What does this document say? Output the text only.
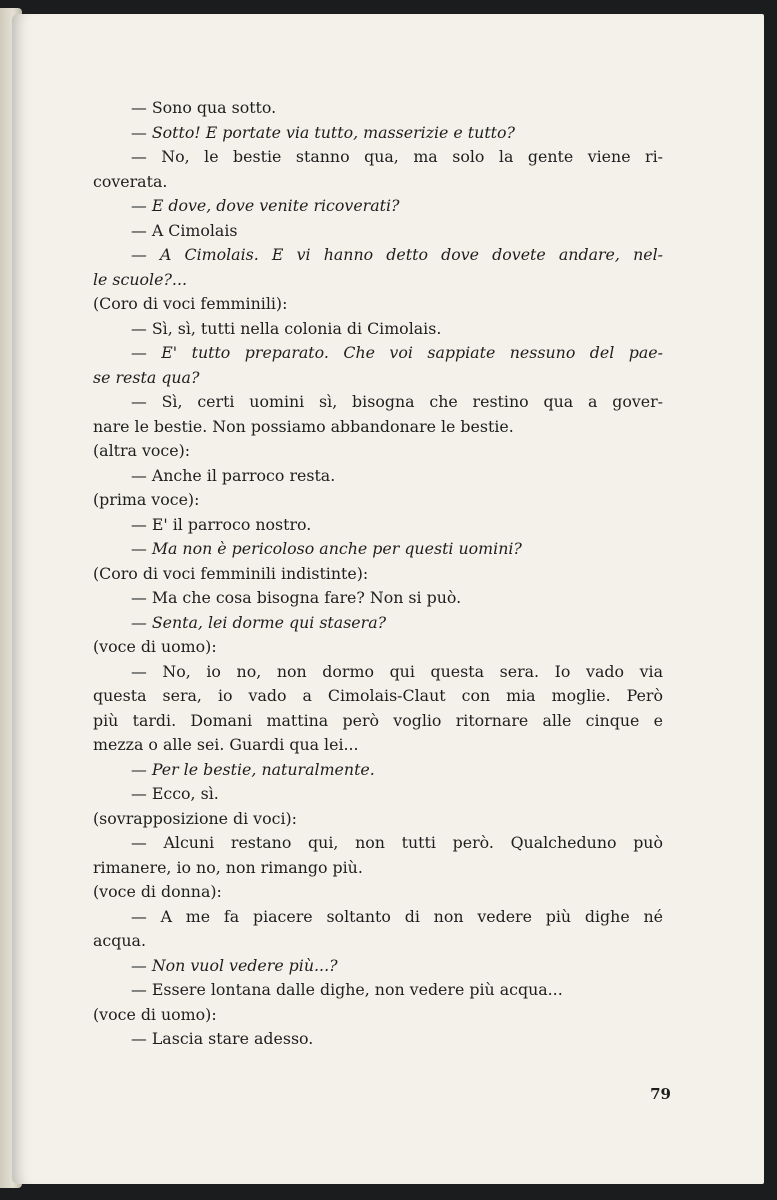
— Sono qua sotto.
— Sotto! E portate via tutto, masserizie e tutto?
— No, le bestie stanno qua, ma solo la gente viene ri-
coverata.
— E dove, dove venite ricoverati?
— A Cimolais
— A Cimolais. E vi hanno detto dove dovete andare, nel-
le scuole?...
(Coro di voci femminili):
— Sì, sì, tutti nella colonia di Cimolais.
— E' tutto preparato. Che voi sappiate nessuno del pae-
se resta qua?
— Sì, certi uomini sì, bisogna che restino qua a gover-
nare le bestie. Non possiamo abbandonare le bestie.
(altra voce):
— Anche il parroco resta.
(prima voce):
— E' il parroco nostro.
— Ma non è pericoloso anche per questi uomini?
(Coro di voci femminili indistinte):
— Ma che cosa bisogna fare? Non si può.
— Senta, lei dorme qui stasera?
(voce di uomo):
— No, io no, non dormo qui questa sera. Io vado via
questa sera, io vado a Cimolais-Claut con mia moglie. Però
più tardi. Domani mattina però voglio ritornare alle cinque e
mezza o alle sei. Guardi qua lei...
— Per le bestie, naturalmente.
— Ecco, sì.
(sovrapposizione di voci):
— Alcuni restano qui, non tutti però. Qualcheduno può
rimanere, io no, non rimango più.
(voce di donna):
— A me fa piacere soltanto di non vedere più dighe né
acqua.
— Non vuol vedere più...?
— Essere lontana dalle dighe, non vedere più acqua...
(voce di uomo):
— Lascia stare adesso.
79
